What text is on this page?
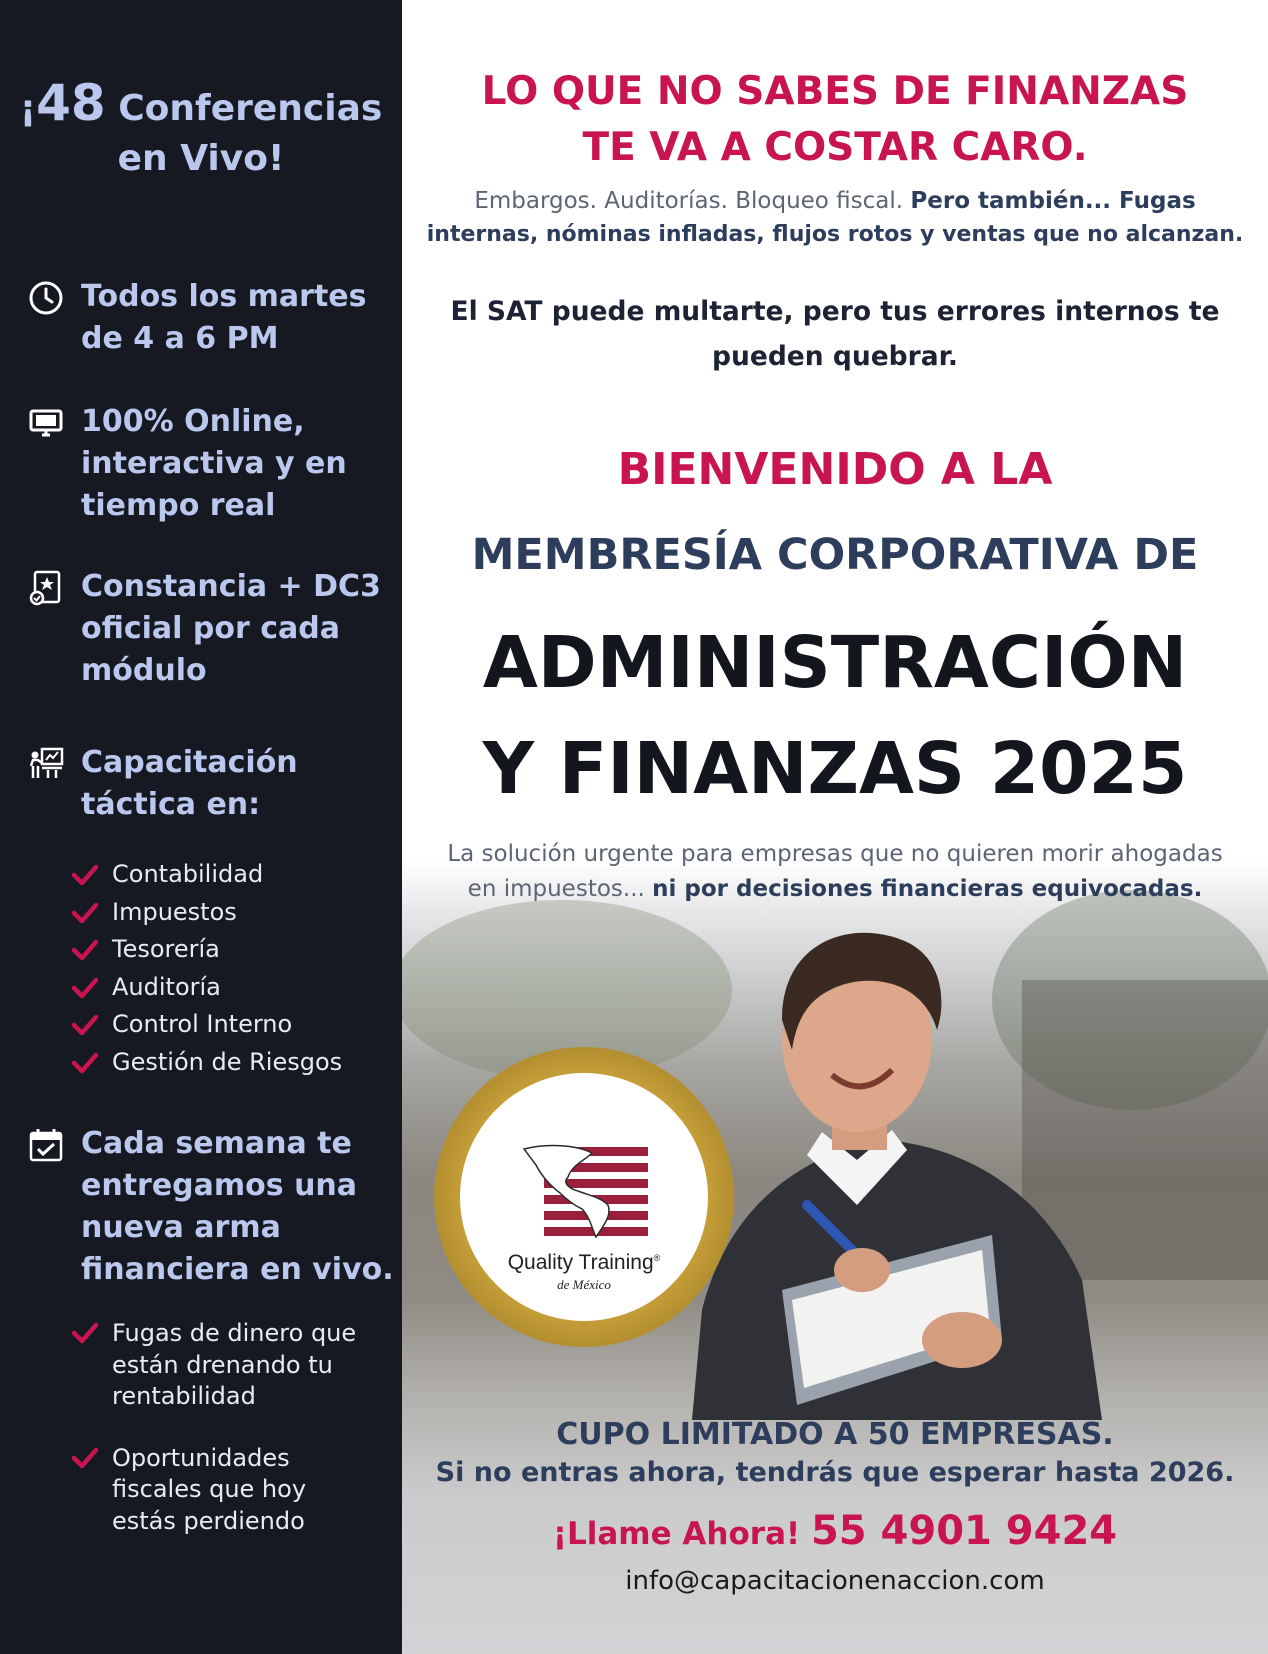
¡48 Conferencias
en Vivo!
Todos los martes
de 4 a 6 PM
100% Online,
interactiva y en
tiempo real
Constancia + DC3
oficial por cada
módulo
Capacitación
táctica en:
Contabilidad
Impuestos
Tesorería
Auditoría
Control Interno
Gestión de Riesgos
Cada semana te
entregamos una
nueva arma
financiera en vivo.
Fugas de dinero que
están drenando tu
rentabilidad
Oportunidades
fiscales que hoy
estás perdiendo
LO QUE NO SABES DE FINANZAS
TE VA A COSTAR CARO.
Embargos. Auditorías. Bloqueo fiscal. Pero también... Fugas
internas, nóminas infladas, flujos rotos y ventas que no alcanzan.
El SAT puede multarte, pero tus errores internos te
pueden quebrar.
BIENVENIDO A LA
MEMBRESÍA CORPORATIVA DE
ADMINISTRACIÓN
Y FINANZAS 2025
La solución urgente para empresas que no quieren morir ahogadas
en impuestos... ni por decisiones financieras equivocadas.
Quality Training®
de México
CUPO LIMITADO A 50 EMPRESAS.
Si no entras ahora, tendrás que esperar hasta 2026.
¡Llame Ahora! 55 4901 9424
info@capacitacionenaccion.com
